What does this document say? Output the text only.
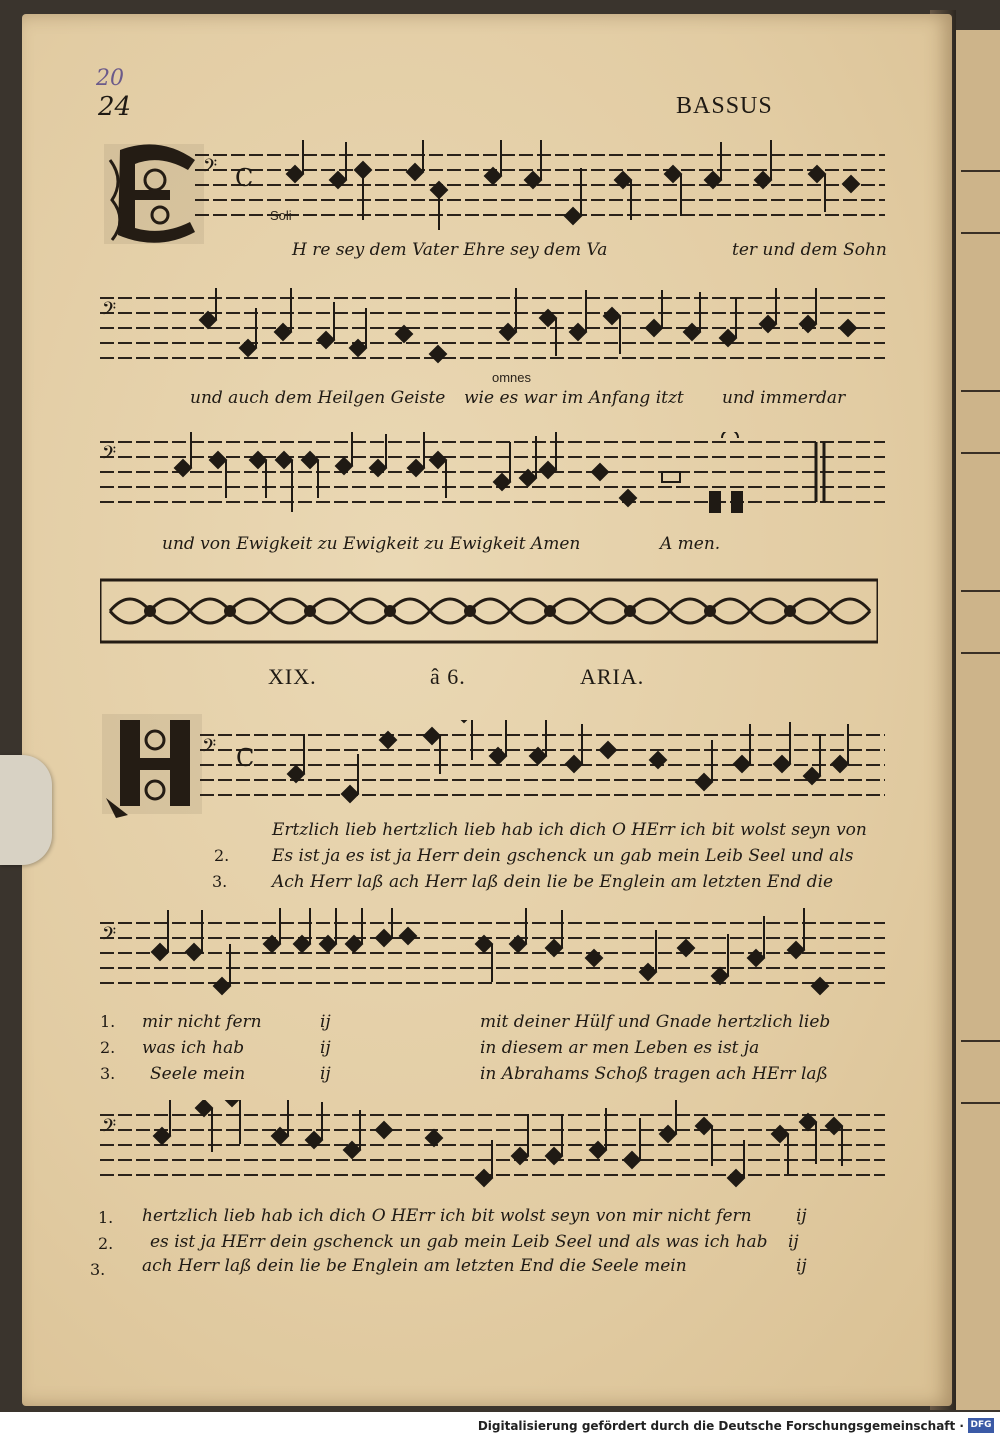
20
24	BASSUS
𝄢 C
Soli
H re sey dem Vater Ehre sey dem Va	ter und dem Sohn
𝄢
omnes
und auch dem Heilgen Geiste wie es war im Anfang itzt und immerdar
𝄢
und von Ewigkeit zu Ewigkeit zu Ewigkeit Amen	A men.
XIX.	â 6.	ARIA.
𝄢 C
Ertzlich lieb hertzlich lieb hab ich dich O HErr ich bit wolst seyn von
2.	Es ist ja es ist ja Herr dein gschenck un gab mein Leib Seel und als
3.	Ach Herr laß ach Herr laß dein lie be Englein am letzten End die
𝄢
1. mir nicht fern	ij	mit deiner Hülf und Gnade hertzlich lieb
2. was ich hab	ij	in diesem ar men Leben es ist ja
3. Seele mein	ij	in Abrahams Schoß tragen ach HErr laß
𝄢
1. hertzlich lieb hab ich dich O HErr ich bit wolst seyn von mir nicht fern	ij
2. es ist ja HErr dein gschenck un gab mein Leib Seel und als was ich hab ij
3. ach Herr laß dein lie be Englein am letzten End die Seele mein	ij
Digitalisierung gefördert durch die Deutsche Forschungsgemeinschaft · DFG
